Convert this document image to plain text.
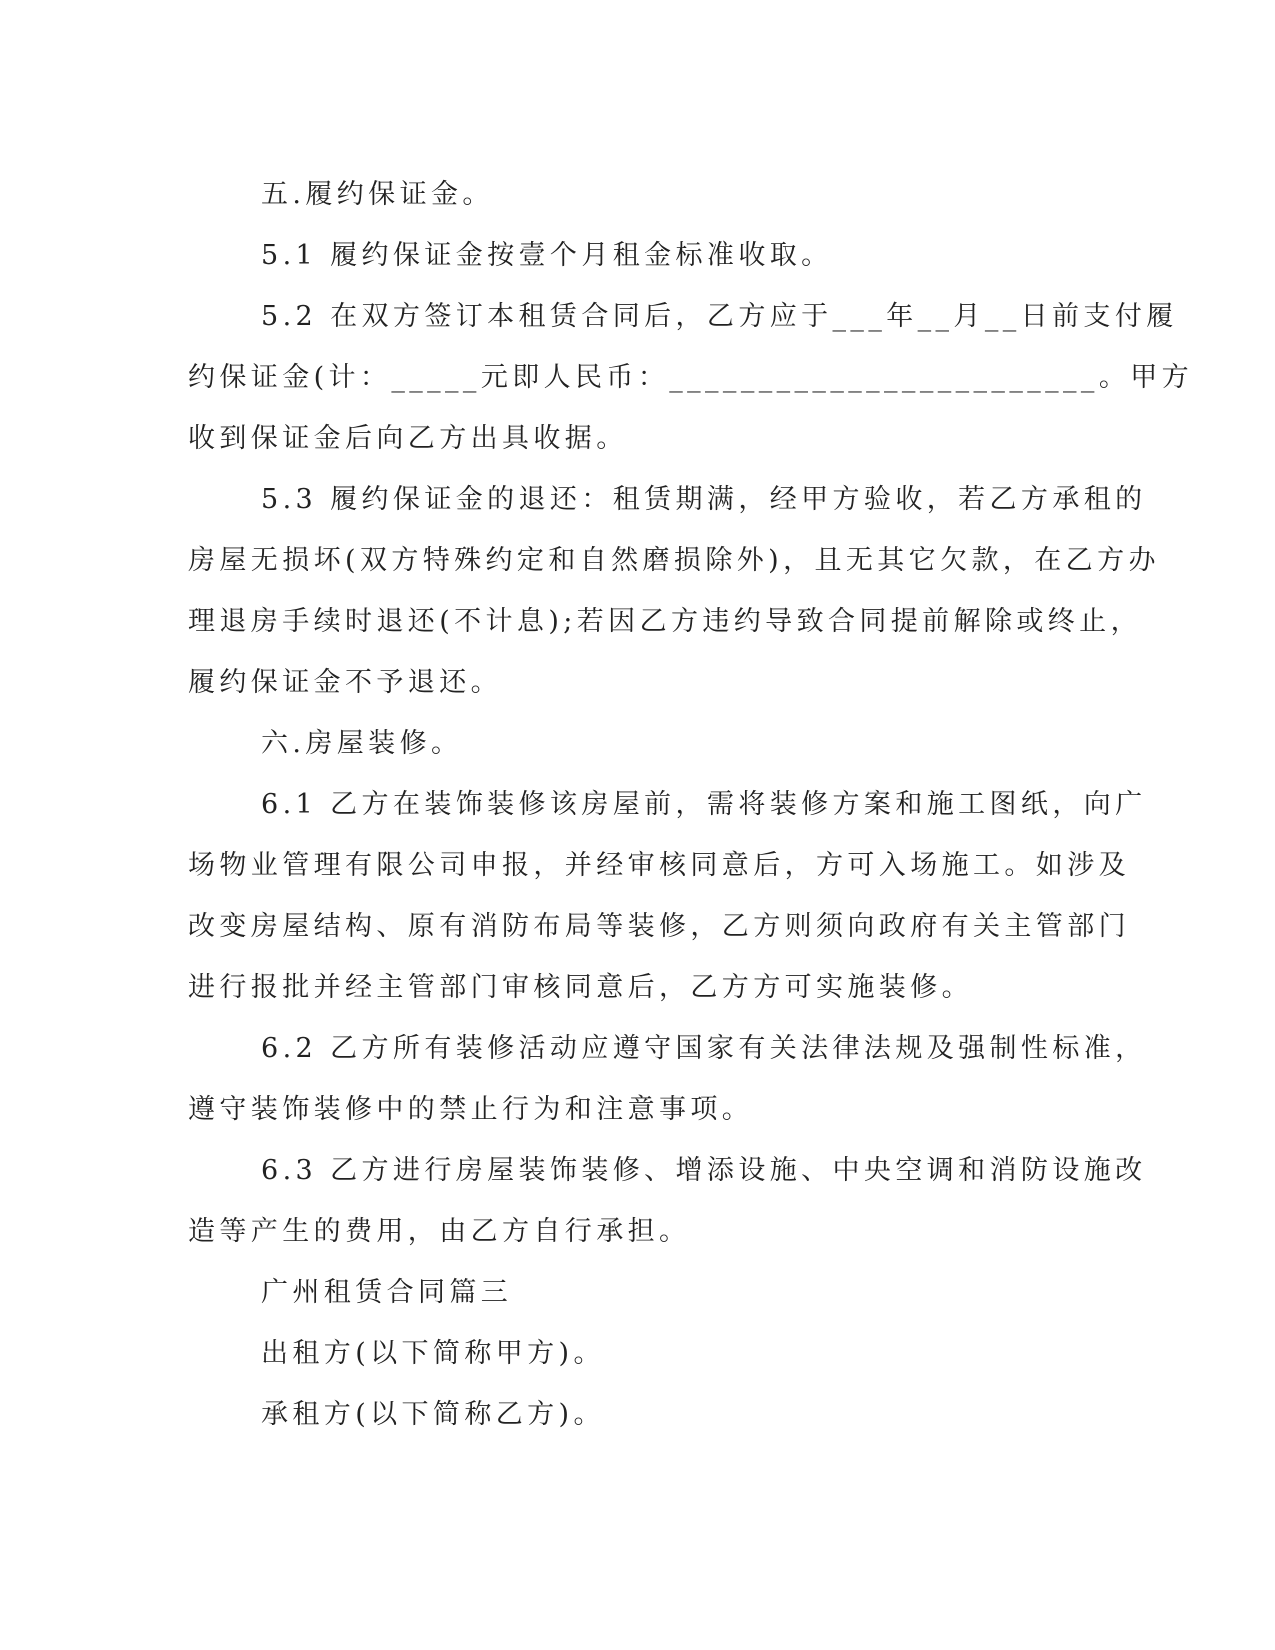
五.履约保证金。
5.1 履约保证金按壹个月租金标准收取。
5.2 在双方签订本租赁合同后，乙方应于___年__月__日前支付履
约保证金(计：_____元即人民币：________________________。甲方
收到保证金后向乙方出具收据。
5.3 履约保证金的退还：租赁期满，经甲方验收，若乙方承租的
房屋无损坏(双方特殊约定和自然磨损除外)，且无其它欠款，在乙方办
理退房手续时退还(不计息);若因乙方违约导致合同提前解除或终止，
履约保证金不予退还。
六.房屋装修。
6.1 乙方在装饰装修该房屋前，需将装修方案和施工图纸，向广
场物业管理有限公司申报，并经审核同意后，方可入场施工。如涉及
改变房屋结构、原有消防布局等装修，乙方则须向政府有关主管部门
进行报批并经主管部门审核同意后，乙方方可实施装修。
6.2 乙方所有装修活动应遵守国家有关法律法规及强制性标准，
遵守装饰装修中的禁止行为和注意事项。
6.3 乙方进行房屋装饰装修、增添设施、中央空调和消防设施改
造等产生的费用，由乙方自行承担。
广州租赁合同篇三
出租方(以下简称甲方)。
承租方(以下简称乙方)。
